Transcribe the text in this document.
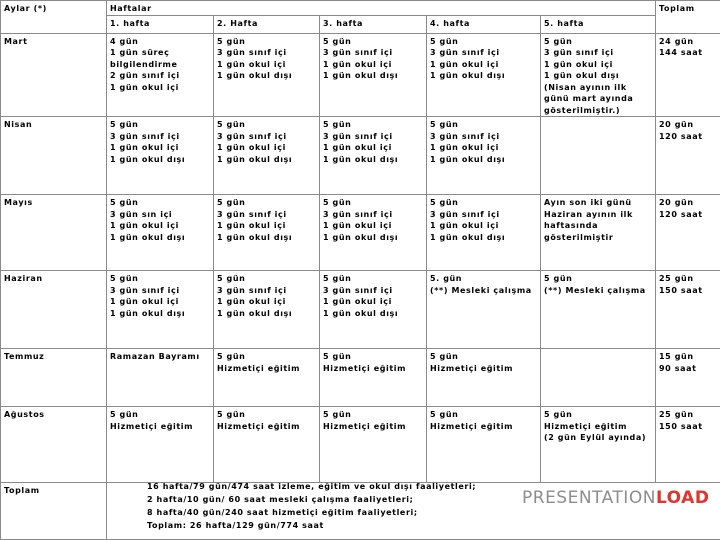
Aylar (*)	Haftalar					Toplam
	1. hafta	2. Hafta	3. hafta	4. hafta	5. hafta	
Mart	4 gün
1 gün süreç bilgilendirme
2 gün sınıf içi
1 gün okul içi	5 gün
3 gün sınıf içi
1 gün okul içi
1 gün okul dışı	5 gün
3 gün sınıf içi
1 gün okul içi
1 gün okul dışı	5 gün
3 gün sınıf içi
1 gün okul içi
1 gün okul dışı	5 gün
3 gün sınıf içi
1 gün okul içi
1 gün okul dışı (Nisan ayının ilk günü mart ayında gösterilmiştir.)	24 gün
144 saat
Nisan	5 gün
3 gün sınıf içi
1 gün okul içi
1 gün okul dışı	5 gün
3 gün sınıf içi
1 gün okul içi
1 gün okul dışı	5 gün
3 gün sınıf içi
1 gün okul içi
1 gün okul dışı	5 gün
3 gün sınıf içi
1 gün okul içi
1 gün okul dışı		20 gün
120 saat
Mayıs	5 gün
3 gün sın içi
1 gün okul içi
1 gün okul dışı	5 gün
3 gün sınıf içi
1 gün okul içi
1 gün okul dışı	5 gün
3 gün sınıf içi
1 gün okul içi
1 gün okul dışı	5 gün
3 gün sınıf içi
1 gün okul içi
1 gün okul dışı	Ayın son iki günü Haziran ayının ilk haftasında gösterilmiştir	20 gün
120 saat
Haziran	5 gün
3 gün sınıf içi
1 gün okul içi
1 gün okul dışı	5 gün
3 gün sınıf içi
1 gün okul içi
1 gün okul dışı	5 gün
3 gün sınıf içi
1 gün okul içi
1 gün okul dışı	5. gün
(**) Mesleki çalışma	5 gün
(**) Mesleki çalışma	25 gün
150 saat
Temmuz	Ramazan Bayramı	5 gün
Hizmetiçi eğitim	5 gün
Hizmetiçi eğitim	5 gün
Hizmetiçi eğitim		15 gün
90 saat
Ağustos	5 gün
Hizmetiçi eğitim	5 gün
Hizmetiçi eğitim	5 gün
Hizmetiçi eğitim	5 gün
Hizmetiçi eğitim	5 gün
Hizmetiçi eğitim
(2 gün Eylül ayında)	25 gün
150 saat
Toplam							16 hafta/79 gün/474 saat izleme, eğitim ve okul dışı faaliyetleri;
2 hafta/10 gün/ 60 saat mesleki çalışma faaliyetleri;
8 hafta/40 gün/240 saat hizmetiçi eğitim faaliyetleri;
Toplam: 26 hafta/129 gün/774 saat
PRESENTATIONLOAD
